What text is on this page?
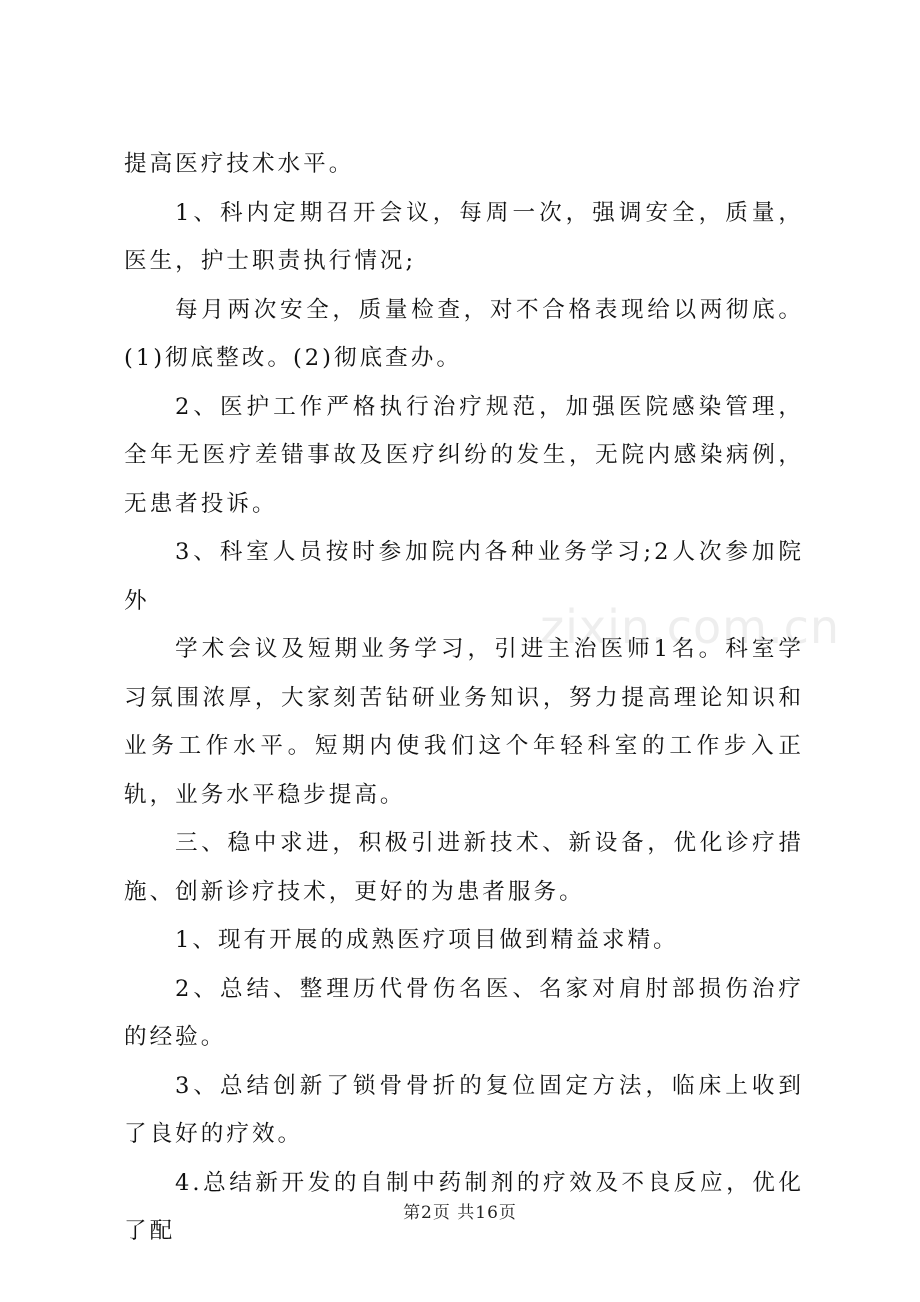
提高医疗技术水平。

1、科内定期召开会议，每周一次，强调安全，质量，医生，护士职责执行情况;

每月两次安全，质量检查，对不合格表现给以两彻底。(1)彻底整改。(2)彻底查办。

2、医护工作严格执行治疗规范，加强医院感染管理，全年无医疗差错事故及医疗纠纷的发生，无院内感染病例，无患者投诉。

3、科室人员按时参加院内各种业务学习;2人次参加院外

学术会议及短期业务学习，引进主治医师1名。科室学习氛围浓厚，大家刻苦钻研业务知识，努力提高理论知识和业务工作水平。短期内使我们这个年轻科室的工作步入正轨，业务水平稳步提高。

三、稳中求进，积极引进新技术、新设备，优化诊疗措施、创新诊疗技术，更好的为患者服务。

1、现有开展的成熟医疗项目做到精益求精。

2、总结、整理历代骨伤名医、名家对肩肘部损伤治疗的经验。

3、总结创新了锁骨骨折的复位固定方法，临床上收到了良好的疗效。

4.总结新开发的自制中药制剂的疗效及不良反应，优化了配

zixin.com.cn
第2页 共16页
